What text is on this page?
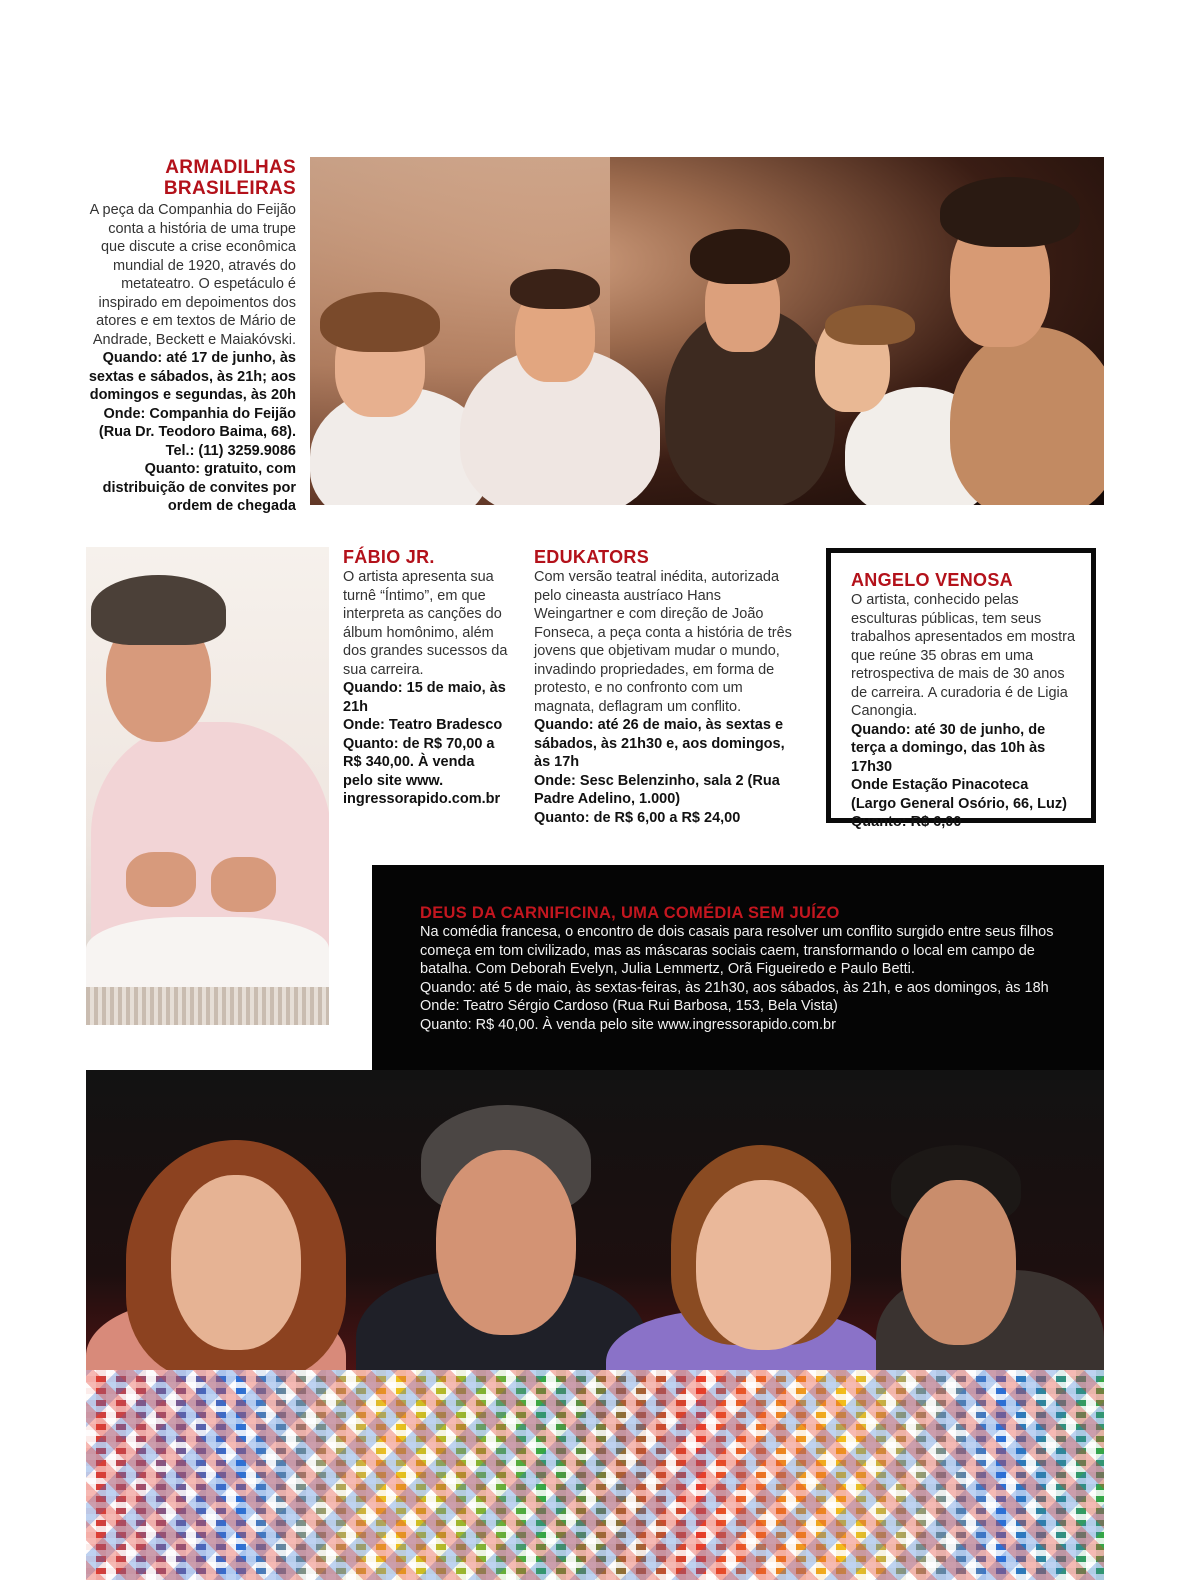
ARMADILHAS
BRASILEIRAS

A peça da Companhia do Feijão conta a história de uma trupe que discute a crise econômica mundial de 1920, através do metateatro. O espetáculo é inspirado em depoimentos dos atores e em textos de Mário de Andrade, Beckett e Maiakóvski.

Quando: até 17 de junho, às sextas e sábados, às 21h; aos domingos e segundas, às 20h

Onde: Companhia do Feijão (Rua Dr. Teodoro Baima, 68).

Tel.: (11) 3259.9086

Quanto: gratuito, com distribuição de convites por ordem de chegada

FÁBIO JR.

O artista apresenta sua turnê “Íntimo”, em que interpreta as canções do álbum homônimo, além dos grandes sucessos da sua carreira.

Quando: 15 de maio, às 21h

Onde: Teatro Bradesco

Quanto: de R$ 70,00 a R$ 340,00. À venda pelo site www. ingressorapido.com.br

EDUKATORS

Com versão teatral inédita, autorizada pelo cineasta austríaco Hans Weingartner e com direção de João Fonseca, a peça conta a história de três jovens que objetivam mudar o mundo, invadindo propriedades, em forma de protesto, e no confronto com um magnata, deflagram um conflito.

Quando: até 26 de maio, às sextas e sábados, às 21h30 e, aos domingos, às 17h

Onde: Sesc Belenzinho, sala 2 (Rua Padre Adelino, 1.000)

Quanto: de R$ 6,00 a R$ 24,00

ANGELO VENOSA

O artista, conhecido pelas esculturas públicas, tem seus trabalhos apresentados em mostra que reúne 35 obras em uma retrospectiva de mais de 30 anos de carreira. A curadoria é de Ligia Canongia.

Quando: até 30 de junho, de terça a domingo, das 10h às 17h30

Onde Estação Pinacoteca (Largo General Osório, 66, Luz)

Quanto: R$ 6,00

DEUS DA CARNIFICINA, UMA COMÉDIA SEM JUÍZO

Na comédia francesa, o encontro de dois casais para resolver um conflito surgido entre seus filhos começa em tom civilizado, mas as máscaras sociais caem, transformando o local em campo de batalha. Com Deborah Evelyn, Julia Lemmertz, Orã Figueiredo e Paulo Betti.

Quando: até 5 de maio, às sextas-feiras, às 21h30, aos sábados, às 21h, e aos domingos, às 18h

Onde: Teatro Sérgio Cardoso (Rua Rui Barbosa, 153, Bela Vista)

Quanto: R$ 40,00. À venda pelo site www.ingressorapido.com.br
